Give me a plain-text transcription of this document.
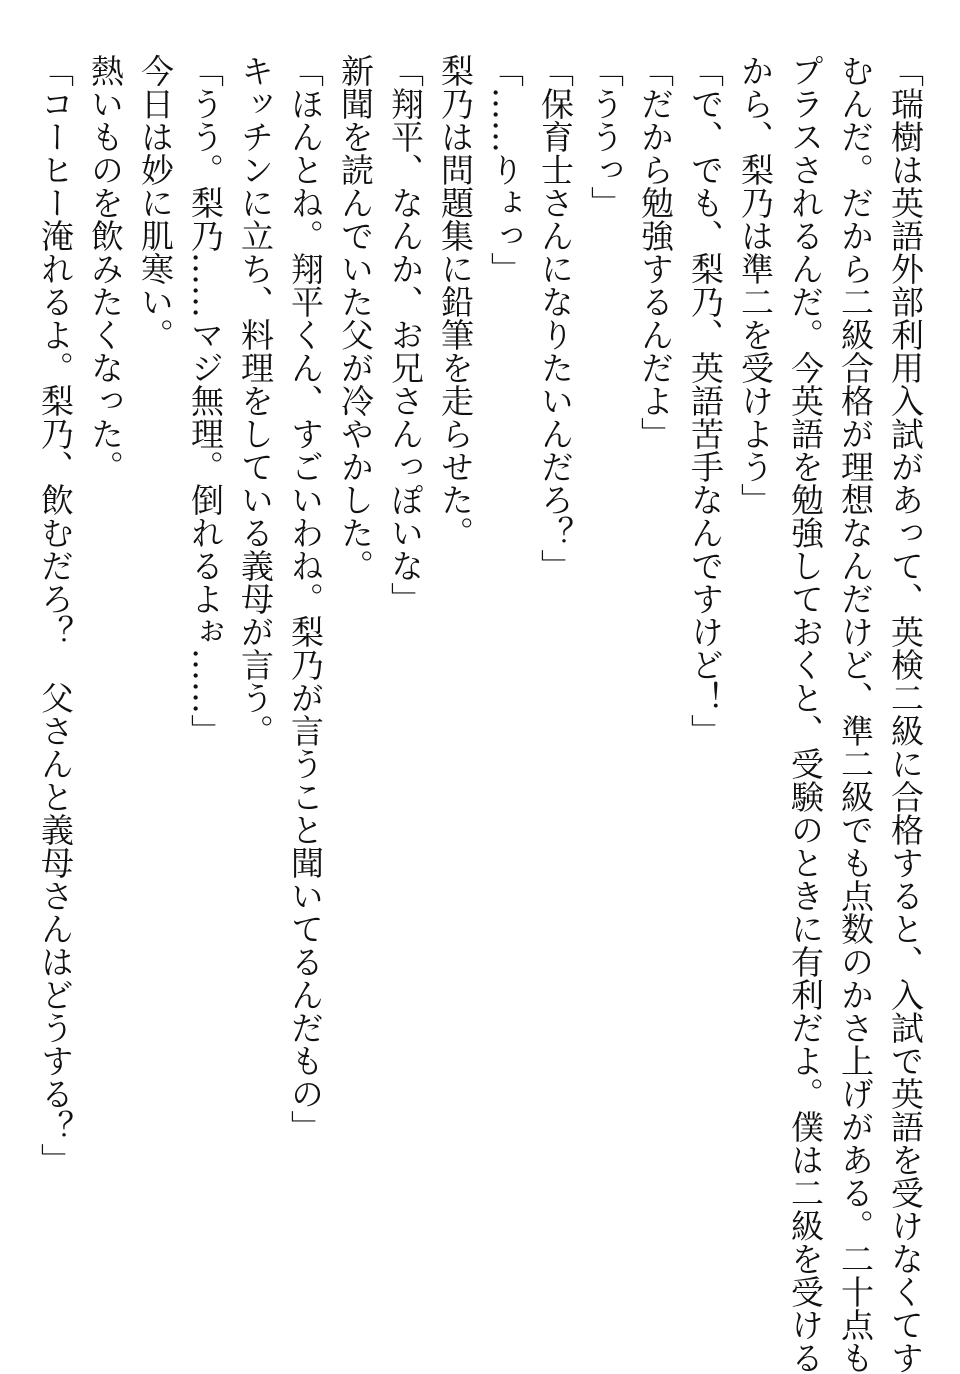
「瑞樹は英語外部利用入試があって、英検二級に合格すると、入試で英語を受けなくてす

むんだ。だから二級合格が理想なんだけど、準二級でも点数のかさ上げがある。二十点も

プラスされるんだ。今英語を勉強しておくと、受験のときに有利だよ。僕は二級を受ける

から、梨乃は準二を受けよう」

「で、でも、梨乃、英語苦手なんですけど！」

「だから勉強するんだよ」

「ううっ」

「保育士さんになりたいんだろ？」

「……りょっ」

梨乃は問題集に鉛筆を走らせた。

「翔平、なんか、お兄さんっぽいな」

新聞を読んでいた父が冷やかした。

「ほんとね。翔平くん、すごいわね。梨乃が言うこと聞いてるんだもの」

キッチンに立ち、料理をしている義母が言う。

「うう。梨乃……マジ無理。倒れるよぉ……」

今日は妙に肌寒い。

熱いものを飲みたくなった。

「コーヒー淹れるよ。梨乃、飲むだろ？　父さんと義母さんはどうする？」
